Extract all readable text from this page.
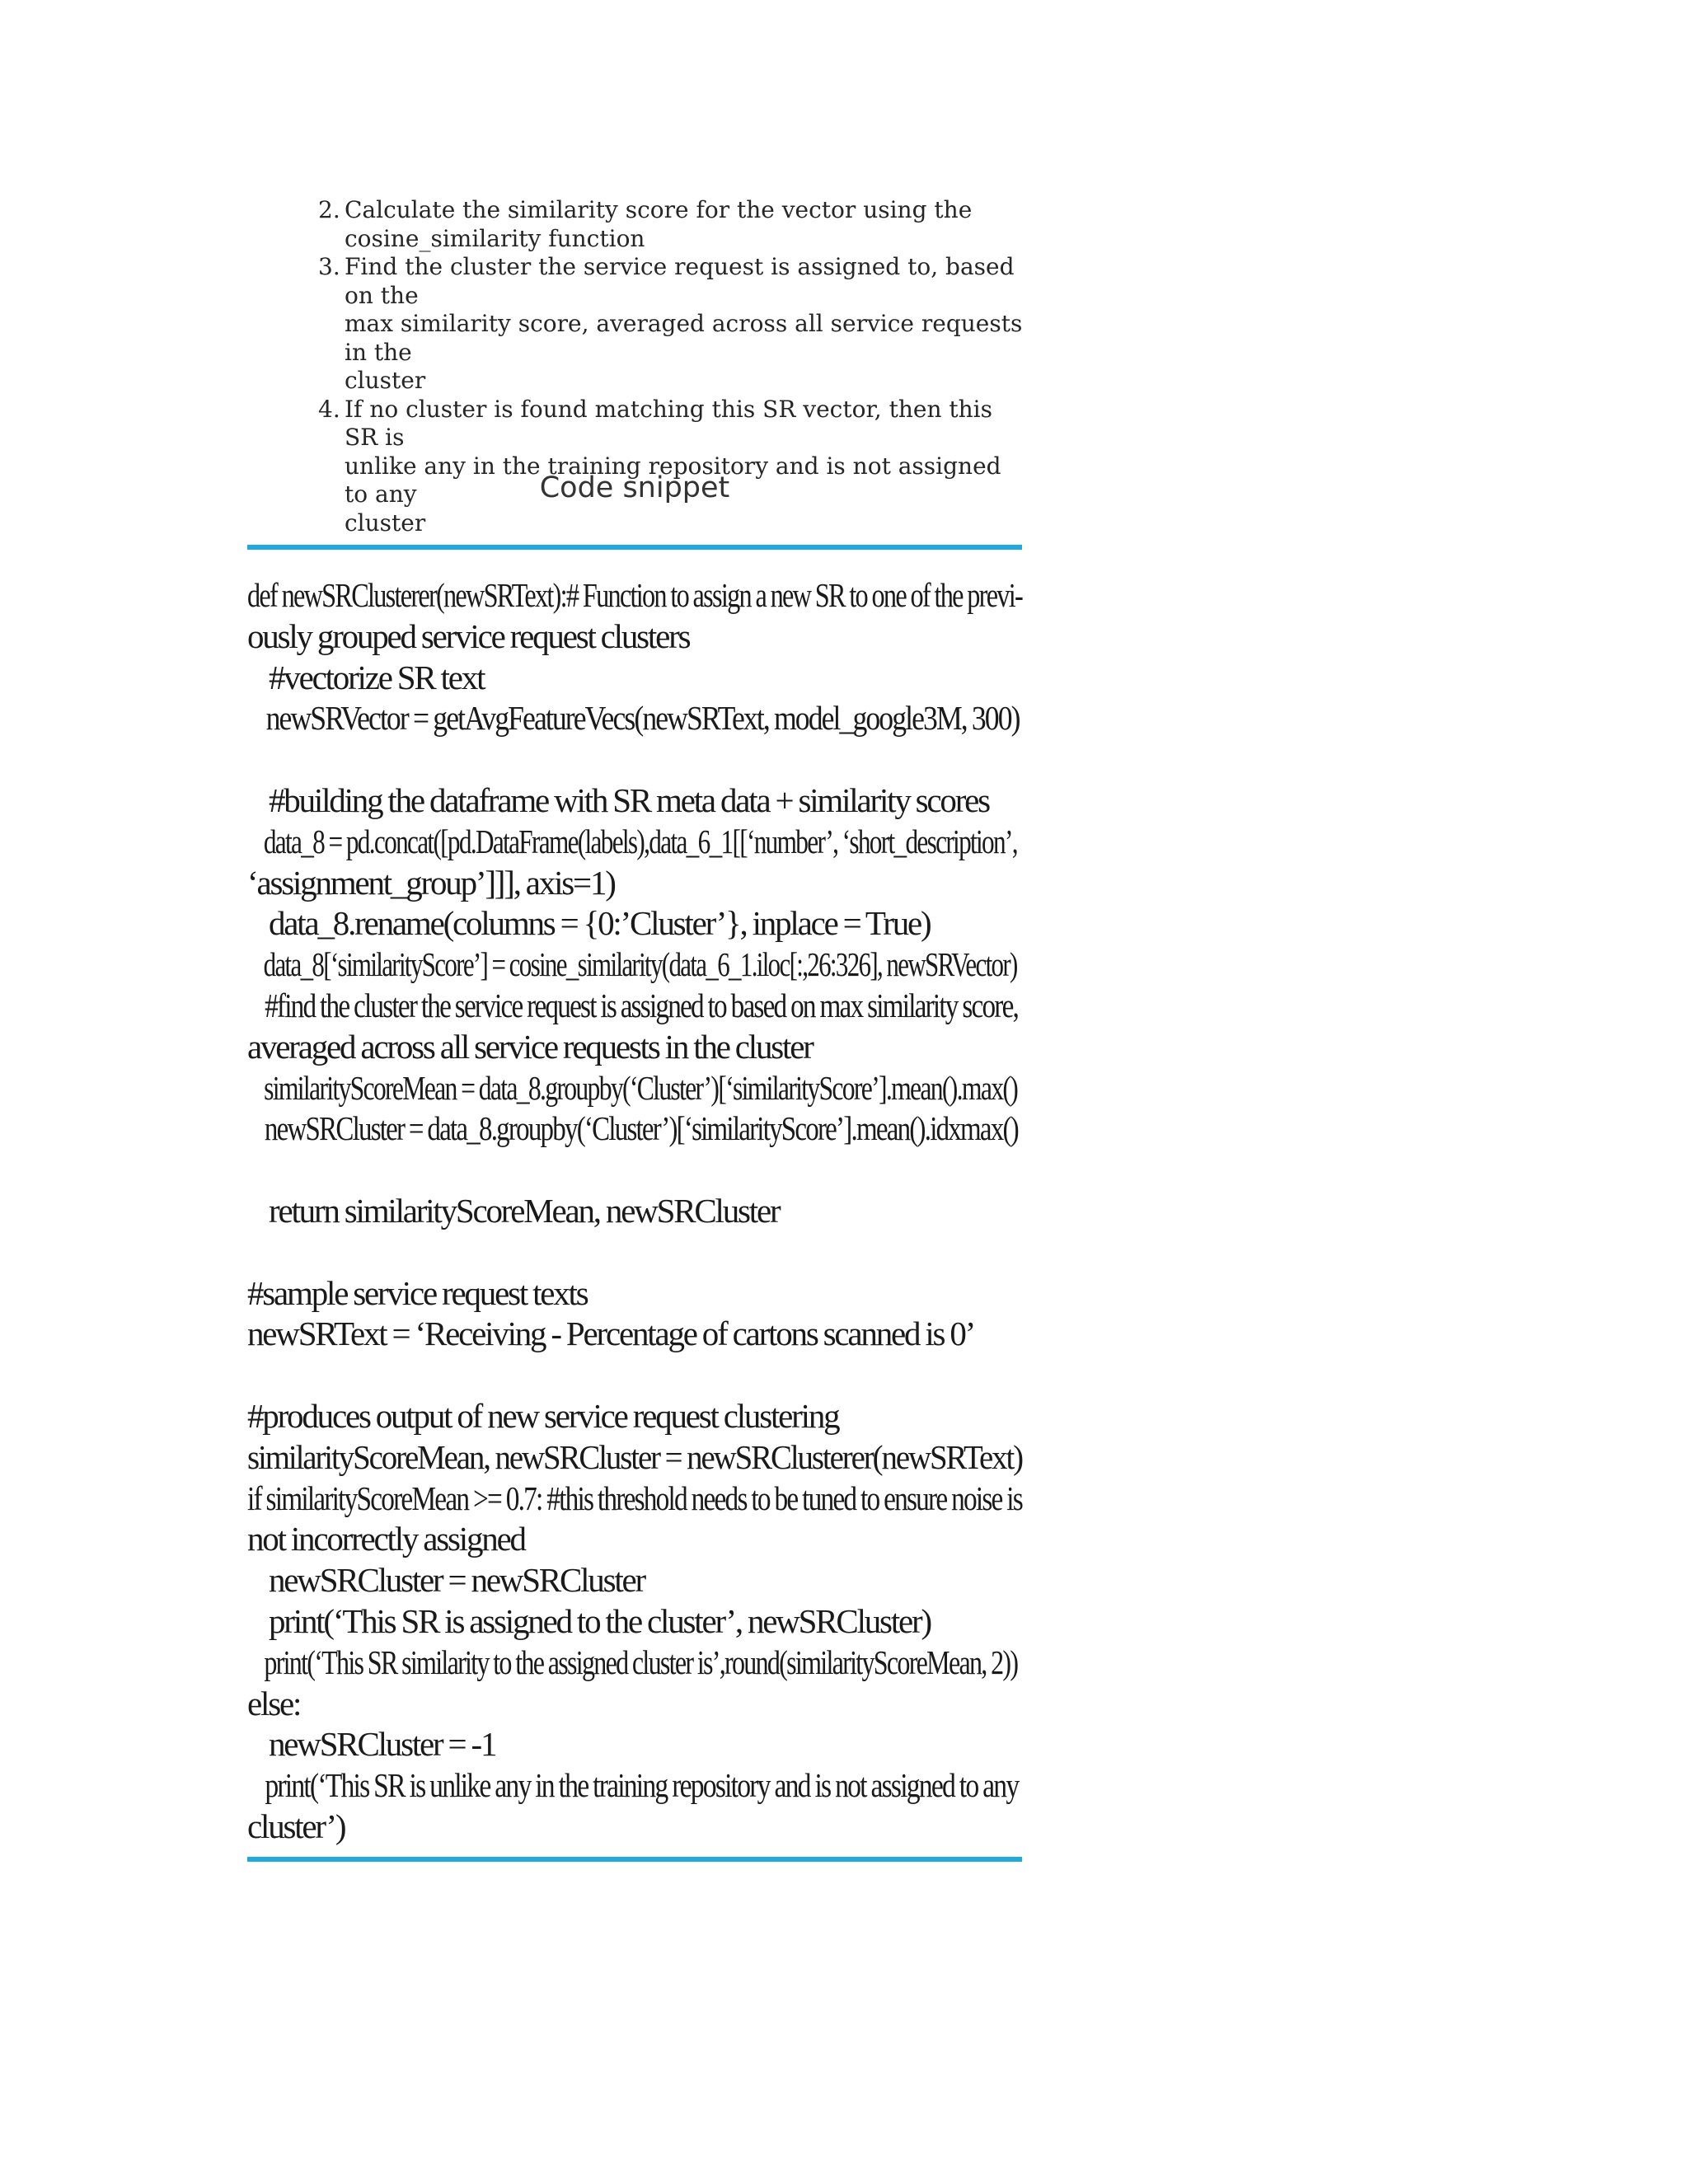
2. Calculate the similarity score for the vector using the
cosine_similarity function
3. Find the cluster the service request is assigned to, based on the
max similarity score, averaged across all service requests in the
cluster
4. If no cluster is found matching this SR vector, then this SR is
unlike any in the training repository and is not assigned to any
cluster
Code snippet
def newSRClusterer(newSRText):# Function to assign a new SR to one of the previ-
ously grouped service request clusters
#vectorize SR text
newSRVector = getAvgFeatureVecs(newSRText, model_google3M, 300)
#building the dataframe with SR meta data + similarity scores
data_8 = pd.concat([pd.DataFrame(labels),data_6_1[[‘number’, ‘short_description’,
‘assignment_group’]]], axis=1)
data_8.rename(columns = {0:’Cluster’}, inplace = True)
data_8[‘similarityScore’] = cosine_similarity(data_6_1.iloc[:,26:326], newSRVector)
#find the cluster the service request is assigned to based on max similarity score,
averaged across all service requests in the cluster
similarityScoreMean = data_8.groupby(‘Cluster’)[‘similarityScore’].mean().max()
newSRCluster = data_8.groupby(‘Cluster’)[‘similarityScore’].mean().idxmax()
return similarityScoreMean, newSRCluster
#sample service request texts
newSRText = ‘Receiving - Percentage of cartons scanned is 0’
#produces output of new service request clustering
similarityScoreMean, newSRCluster = newSRClusterer(newSRText)
if similarityScoreMean >= 0.7: #this threshold needs to be tuned to ensure noise is
not incorrectly assigned
newSRCluster = newSRCluster
print(‘This SR is assigned to the cluster’, newSRCluster)
print(‘This SR similarity to the assigned cluster is’,round(similarityScoreMean, 2))
else:
newSRCluster = -1
print(‘This SR is unlike any in the training repository and is not assigned to any
cluster’)
